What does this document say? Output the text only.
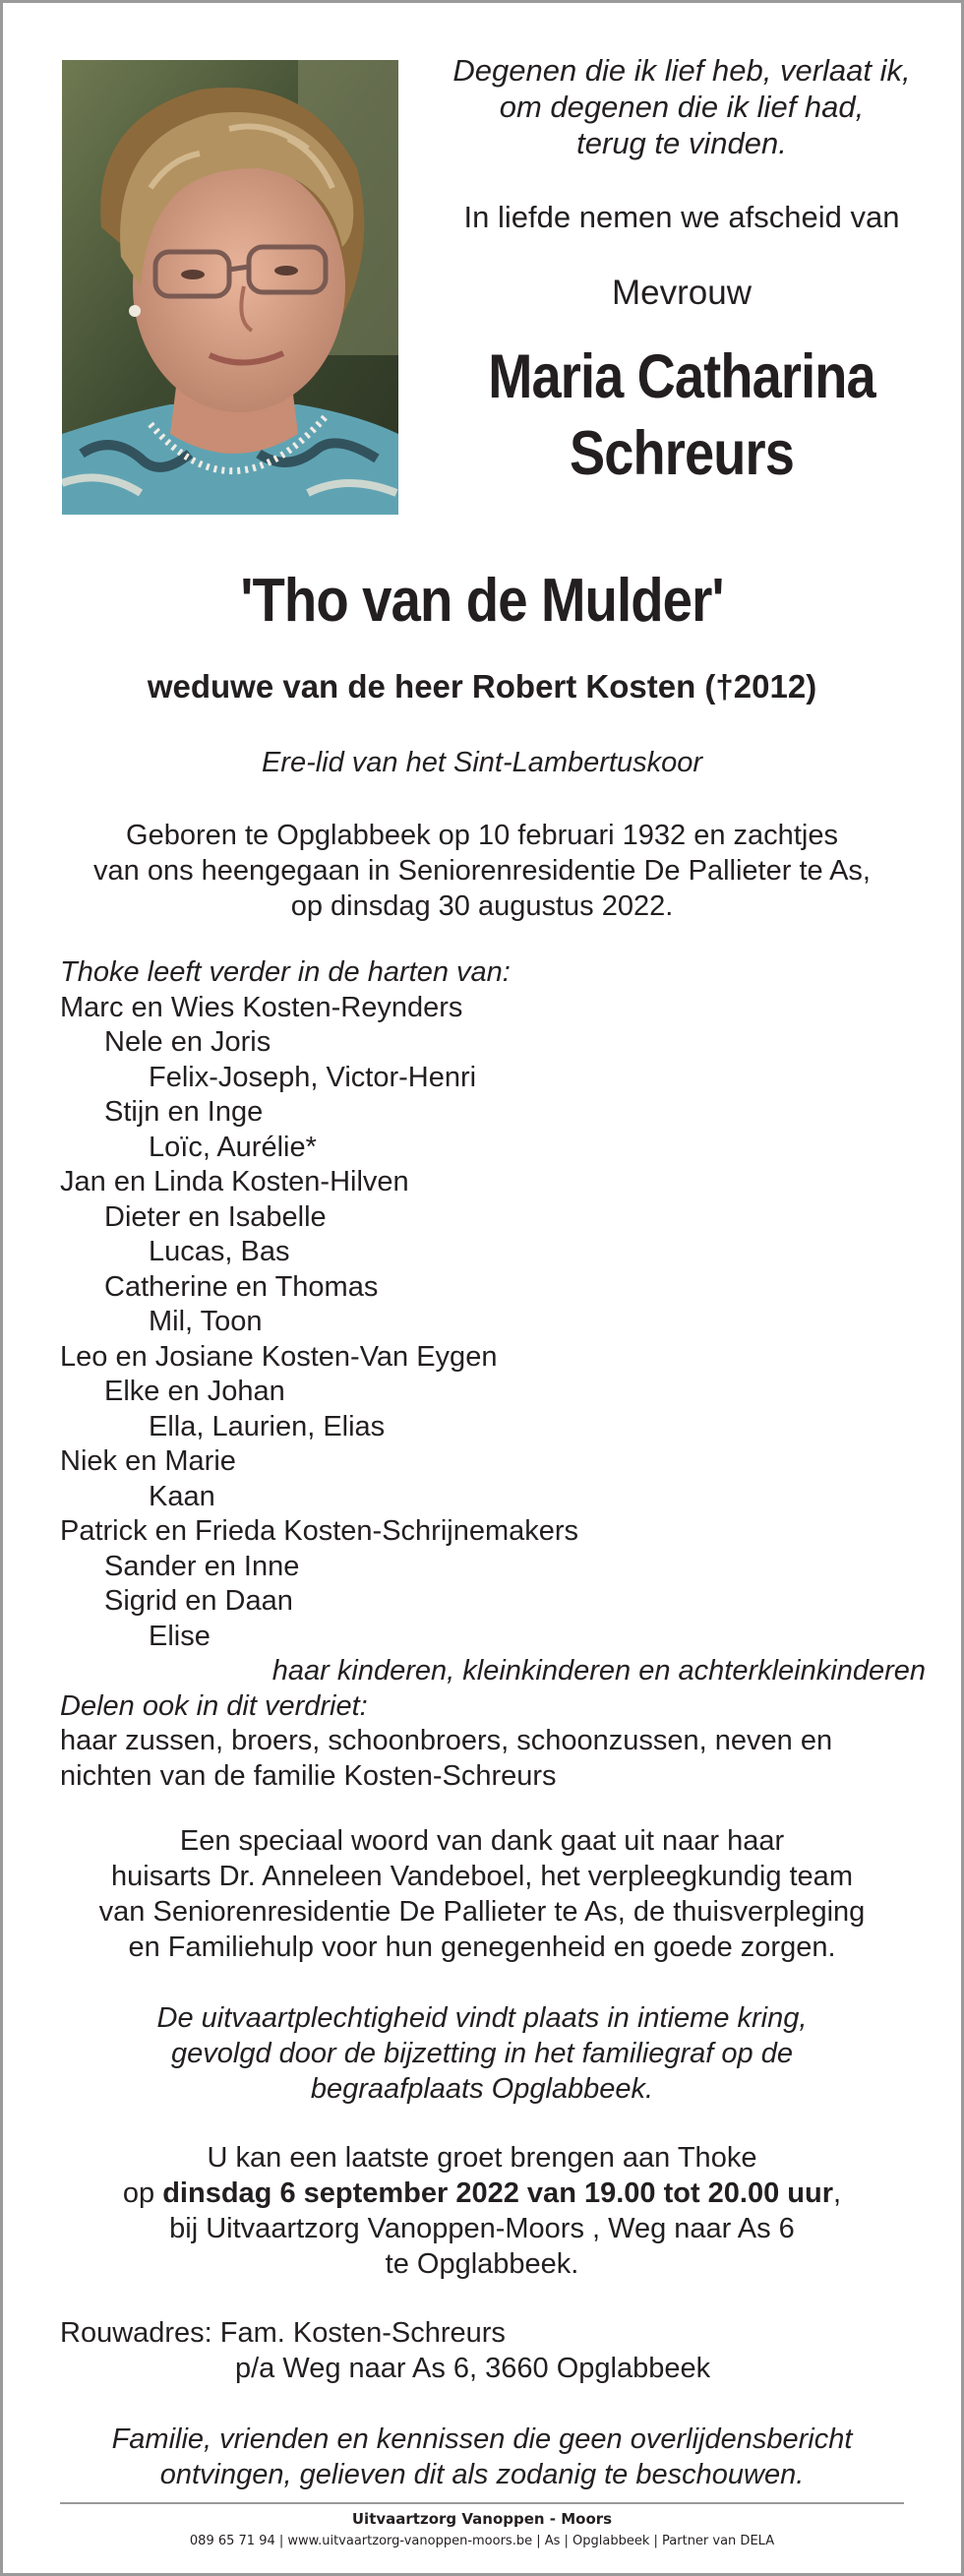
Degenen die ik lief heb, verlaat ik,
om degenen die ik lief had,
terug te vinden.
In liefde nemen we afscheid van
Mevrouw
Maria Catharina
Schreurs
'Tho van de Mulder'
weduwe van de heer Robert Kosten (†2012)
Ere-lid van het Sint-Lambertuskoor
Geboren te Opglabbeek op 10 februari 1932 en zachtjes
van ons heengegaan in Seniorenresidentie De Pallieter te As,
op dinsdag 30 augustus 2022.
Thoke leeft verder in de harten van:
Marc en Wies Kosten-Reynders
Nele en Joris
Felix-Joseph, Victor-Henri
Stijn en Inge
Loïc, Aurélie*
Jan en Linda Kosten-Hilven
Dieter en Isabelle
Lucas, Bas
Catherine en Thomas
Mil, Toon
Leo en Josiane Kosten-Van Eygen
Elke en Johan
Ella, Laurien, Elias
Niek en Marie
Kaan
Patrick en Frieda Kosten-Schrijnemakers
Sander en Inne
Sigrid en Daan
Elise
haar kinderen, kleinkinderen en achterkleinkinderen
Delen ook in dit verdriet:
haar zussen, broers, schoonbroers, schoonzussen, neven en
nichten van de familie Kosten-Schreurs
Een speciaal woord van dank gaat uit naar haar
huisarts Dr. Anneleen Vandeboel, het verpleegkundig team
van Seniorenresidentie De Pallieter te As, de thuisverpleging
en Familiehulp voor hun genegenheid en goede zorgen.
De uitvaartplechtigheid vindt plaats in intieme kring,
gevolgd door de bijzetting in het familiegraf op de
begraafplaats Opglabbeek.
U kan een laatste groet brengen aan Thoke
op dinsdag 6 september 2022 van 19.00 tot 20.00 uur,
bij Uitvaartzorg Vanoppen-Moors , Weg naar As 6
te Opglabbeek.
Rouwadres: Fam. Kosten-Schreurs
p/a Weg naar As 6, 3660 Opglabbeek
Familie, vrienden en kennissen die geen overlijdensbericht
ontvingen, gelieven dit als zodanig te beschouwen.
Uitvaartzorg Vanoppen - Moors
089 65 71 94 | www.uitvaartzorg-vanoppen-moors.be | As | Opglabbeek | Partner van DELA
